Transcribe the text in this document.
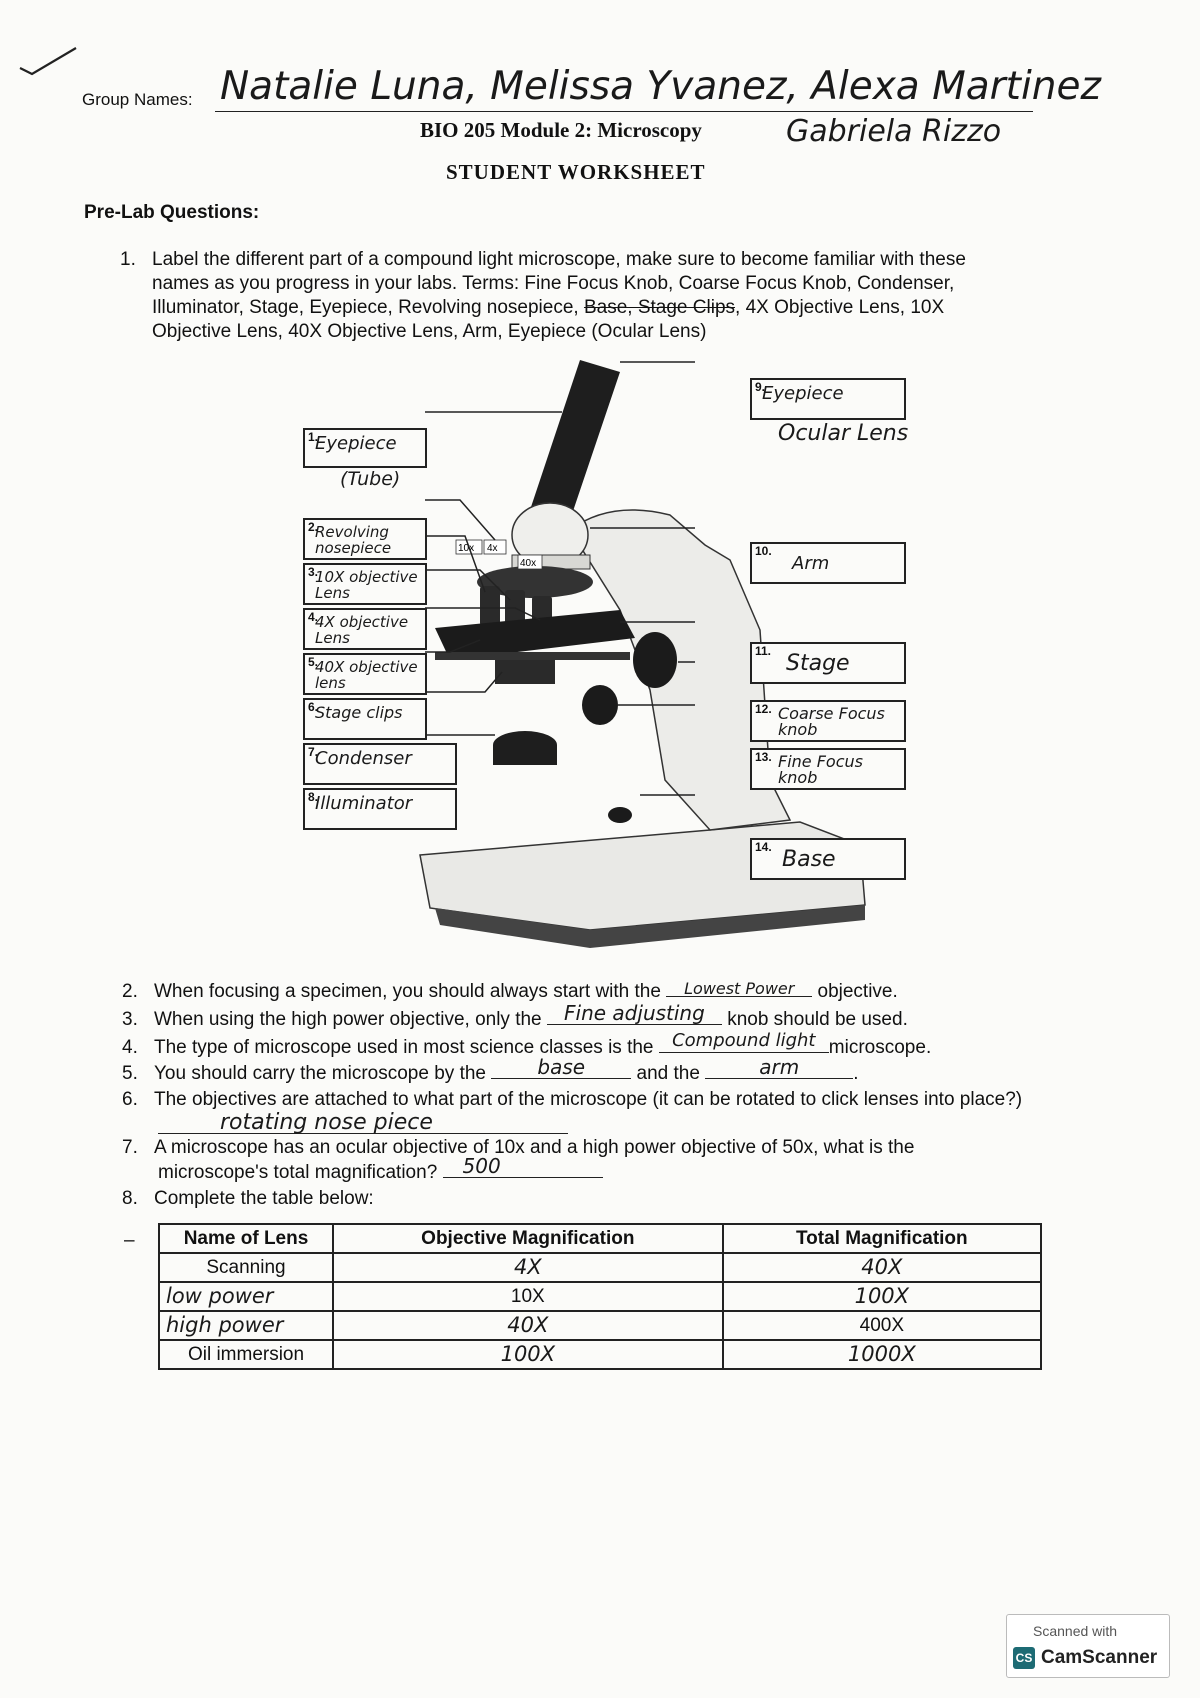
Group Names: Natalie Luna, Melissa Yvanez, Alexa Martinez
BIO 205 Module 2: Microscopy	Gabriela Rizzo
STUDENT WORKSHEET
Pre-Lab Questions:
1. Label the different part of a compound light microscope, make sure to become familiar with these
names as you progress in your labs. Terms: Fine Focus Knob, Coarse Focus Knob, Condenser,
Illuminator, Stage, Eyepiece, Revolving nosepiece, Base, Stage Clips, 4X Objective Lens, 10X
Objective Lens, 40X Objective Lens, Arm, Eyepiece (Ocular Lens)
10x 4x
40x
1.
Eyepiece
(Tube)
2.
Revolving nosepiece
3.
10X objective Lens
4.
4X objective Lens
5.
40X objective lens
6.
Stage clips
7.
Condenser
8.
Illuminator
9.
Eyepiece
Ocular Lens
10.
Arm
11. Stage
12. Coarse Focus knob
13. Fine Focus knob
14. Base
2. When focusing a specimen, you should always start with the	Lowest Power	objective.
3. When using the high power objective, only the	Fine adjusting	knob should be used.
4. The type of microscope used in most science classes is the	Compound light microscope.
5. You should carry the microscope by the	base	and the	arm	.
6. The objectives are attached to what part of the microscope (it can be rotated to click lenses into place?)
rotating nose piece
7. A microscope has an ocular objective of 10x and a high power objective of 50x, what is the
microscope's total magnification? 500
8. Complete the table below:
–	Name of Lens	Objective Magnification	Total Magnification
Scanning	4X	40X
low power	10X	100X
high power	40X	400X
Oil immersion	100X	1000X
Scanned with
CS CamScanner
